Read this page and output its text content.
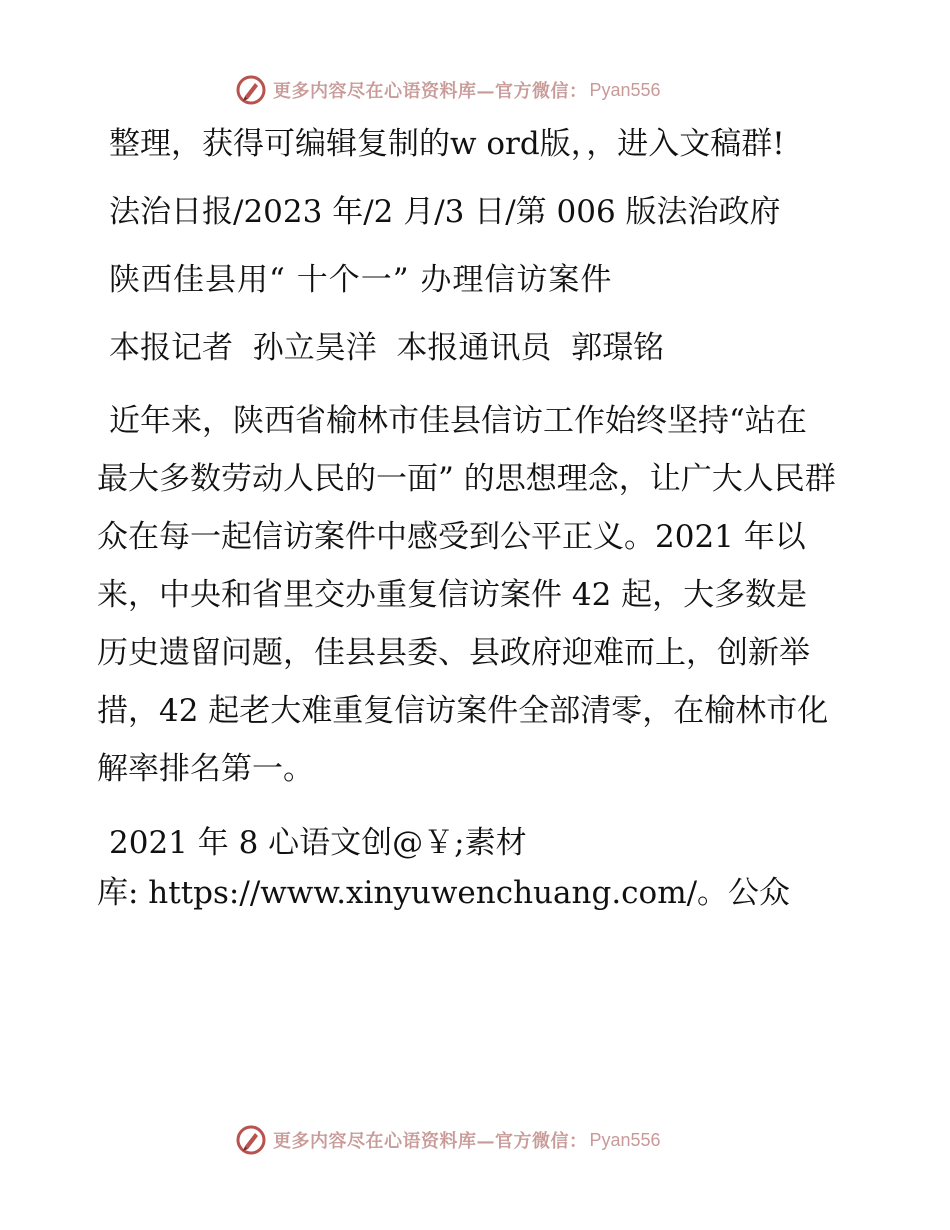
更多内容尽在心语资料库—官方微信： Pyan556

整理，获得可编辑复制的w ord版，，进入文稿群!

法治日报/2023 年/2 月/3 日/第 006 版法治政府

陕西佳县用“ 十个一” 办理信访案件

本报记者  孙立昊洋  本报通讯员  郭璟铭

近年来，陕西省榆林市佳县信访工作始终坚持“站在最大多数劳动人民的一面” 的思想理念，让广大人民群众在每一起信访案件中感受到公平正义。2021 年以来，中央和省里交办重复信访案件 42 起，大多数是历史遗留问题，佳县县委、县政府迎难而上，创新举措，42 起老大难重复信访案件全部清零，在榆林市化解率排名第一。

2021 年 8 心语文创@￥;素材

库: https://www.xinyuwenchuang.com/。公众

更多内容尽在心语资料库—官方微信： Pyan556
